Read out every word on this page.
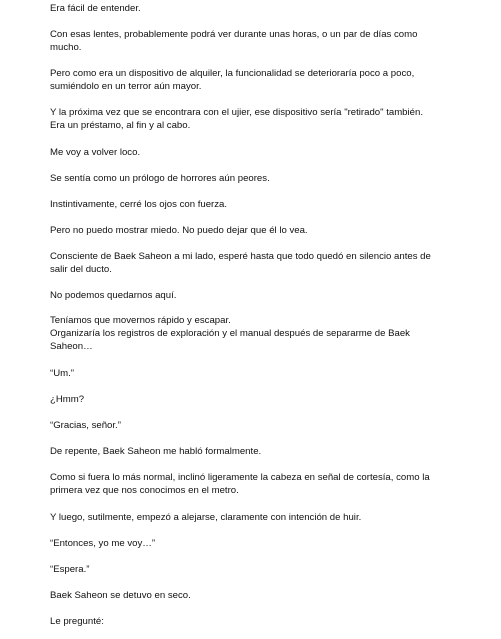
Era fácil de entender.

Con esas lentes, probablemente podrá ver durante unas horas, o un par de días como
mucho.

Pero como era un dispositivo de alquiler, la funcionalidad se deterioraría poco a poco,
sumiéndolo en un terror aún mayor.

Y la próxima vez que se encontrara con el ujier, ese dispositivo sería "retirado" también.
Era un préstamo, al fin y al cabo.

Me voy a volver loco.

Se sentía como un prólogo de horrores aún peores.

Instintivamente, cerré los ojos con fuerza.

Pero no puedo mostrar miedo. No puedo dejar que él lo vea.

Consciente de Baek Saheon a mi lado, esperé hasta que todo quedó en silencio antes de
salir del ducto.

No podemos quedarnos aquí.

Teníamos que movernos rápido y escapar.
Organizaría los registros de exploración y el manual después de separarme de Baek
Saheon…

“Um.”

¿Hmm?

“Gracias, señor.”

De repente, Baek Saheon me habló formalmente.

Como si fuera lo más normal, inclinó ligeramente la cabeza en señal de cortesía, como la
primera vez que nos conocimos en el metro.

Y luego, sutilmente, empezó a alejarse, claramente con intención de huir.

“Entonces, yo me voy…”

“Espera.”

Baek Saheon se detuvo en seco.

Le pregunté:
